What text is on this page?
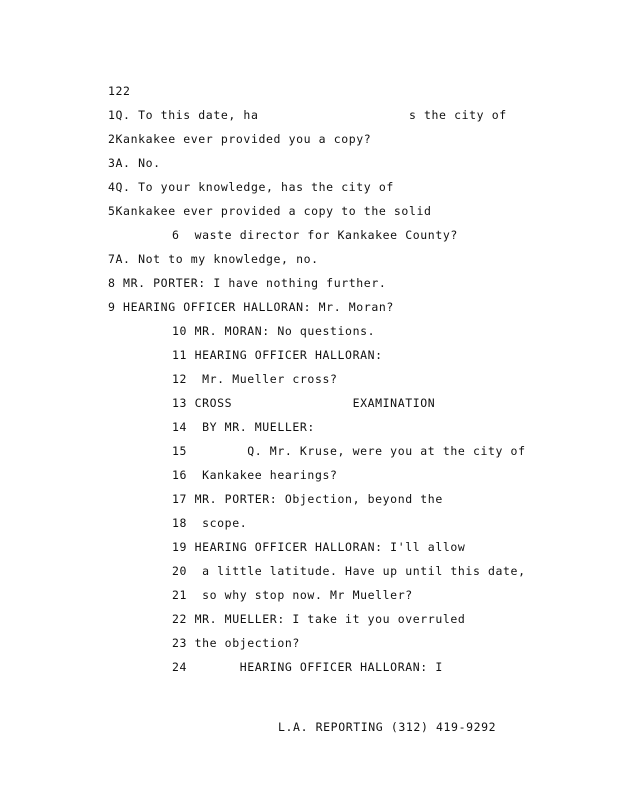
122
1Q. To this date, ha                    s the city of
2Kankakee ever provided you a copy?
3A. No.
4Q. To your knowledge, has the city of
5Kankakee ever provided a copy to the solid
6  waste director for Kankakee County?
7A. Not to my knowledge, no.
8 MR. PORTER: I have nothing further.
9 HEARING OFFICER HALLORAN: Mr. Moran?
10 MR. MORAN: No questions.
11 HEARING OFFICER HALLORAN:
12  Mr. Mueller cross?
13 CROSS                EXAMINATION
14  BY MR. MUELLER:
15        Q. Mr. Kruse, were you at the city of
16  Kankakee hearings?
17 MR. PORTER: Objection, beyond the
18  scope.
19 HEARING OFFICER HALLORAN: I'll allow
20  a little latitude. Have up until this date,
21  so why stop now. Mr Mueller?
22 MR. MUELLER: I take it you overruled
23 the objection?
24       HEARING OFFICER HALLORAN: I
L.A. REPORTING (312) 419-9292
